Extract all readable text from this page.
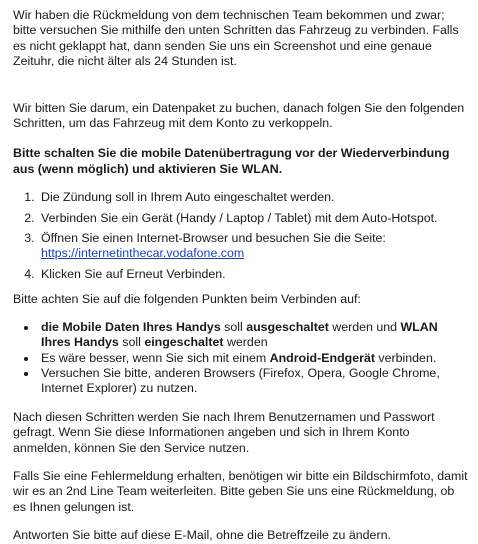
Wir haben die Rückmeldung von dem technischen Team bekommen und zwar; bitte versuchen Sie mithilfe den unten Schritten das Fahrzeug zu verbinden. Falls es nicht geklappt hat, dann senden Sie uns ein Screenshot und eine genaue Zeituhr, die nicht älter als 24 Stunden ist.

Wir bitten Sie darum, ein Datenpaket zu buchen, danach folgen Sie den folgenden Schritten, um das Fahrzeug mit dem Konto zu verkoppeln.

Bitte schalten Sie die mobile Datenübertragung vor der Wiederverbindung aus (wenn möglich) und aktivieren Sie WLAN.

1. Die Zündung soll in Ihrem Auto eingeschaltet werden.
2. Verbinden Sie ein Gerät (Handy / Laptop / Tablet) mit dem Auto-Hotspot.
3. Öffnen Sie einen Internet-Browser und besuchen Sie die Seite: https://internetinthecar.vodafone.com
4. Klicken Sie auf Erneut Verbinden.

Bitte achten Sie auf die folgenden Punkten beim Verbinden auf:

• die Mobile Daten Ihres Handys soll ausgeschaltet werden und WLAN Ihres Handys soll eingeschaltet werden
• Es wäre besser, wenn Sie sich mit einem Android-Endgerät verbinden.
• Versuchen Sie bitte, anderen Browsers (Firefox, Opera, Google Chrome, Internet Explorer) zu nutzen.

Nach diesen Schritten werden Sie nach Ihrem Benutzernamen und Passwort gefragt. Wenn Sie diese Informationen angeben und sich in Ihrem Konto anmelden, können Sie den Service nutzen.

Falls Sie eine Fehlermeldung erhalten, benötigen wir bitte ein Bildschirmfoto, damit wir es an 2nd Line Team weiterleiten. Bitte geben Sie uns eine Rückmeldung, ob es Ihnen gelungen ist.

Antworten Sie bitte auf diese E-Mail, ohne die Betreffzeile zu ändern.
